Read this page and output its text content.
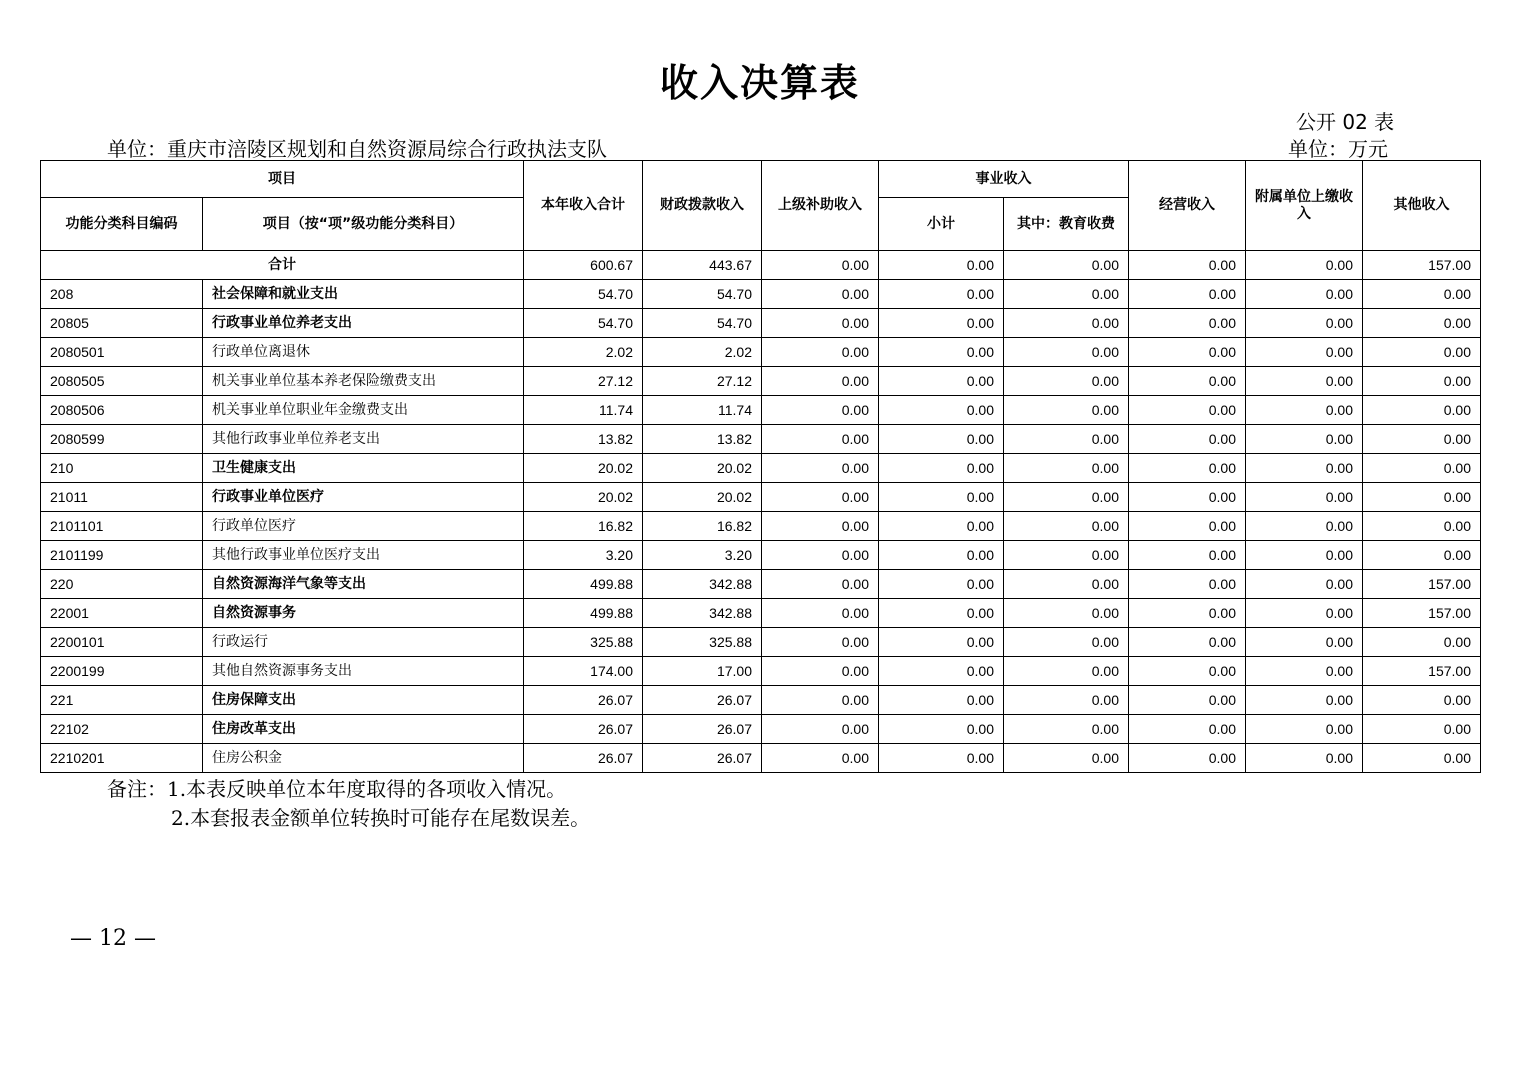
收入决算表
公开 02 表
单位：重庆市涪陵区规划和自然资源局综合行政执法支队	单位：万元
项目		本年收入合计	财政拨款收入	上级补助收入	事业收入		经营收入	附属单位上缴收入	其他收入
功能分类科目编码	项目（按“项”级功能分类科目）				小计	其中：教育收费			
合计		600.67	443.67	0.00	0.00	0.00	0.00	0.00	157.00
208	社会保障和就业支出	54.70	54.70	0.00	0.00	0.00	0.00	0.00	0.00
20805	行政事业单位养老支出	54.70	54.70	0.00	0.00	0.00	0.00	0.00	0.00
2080501	行政单位离退休	2.02	2.02	0.00	0.00	0.00	0.00	0.00	0.00
2080505	机关事业单位基本养老保险缴费支出	27.12	27.12	0.00	0.00	0.00	0.00	0.00	0.00
2080506	机关事业单位职业年金缴费支出	11.74	11.74	0.00	0.00	0.00	0.00	0.00	0.00
2080599	其他行政事业单位养老支出	13.82	13.82	0.00	0.00	0.00	0.00	0.00	0.00
210	卫生健康支出	20.02	20.02	0.00	0.00	0.00	0.00	0.00	0.00
21011	行政事业单位医疗	20.02	20.02	0.00	0.00	0.00	0.00	0.00	0.00
2101101	行政单位医疗	16.82	16.82	0.00	0.00	0.00	0.00	0.00	0.00
2101199	其他行政事业单位医疗支出	3.20	3.20	0.00	0.00	0.00	0.00	0.00	0.00
220	自然资源海洋气象等支出	499.88	342.88	0.00	0.00	0.00	0.00	0.00	157.00
22001	自然资源事务	499.88	342.88	0.00	0.00	0.00	0.00	0.00	157.00
2200101	行政运行	325.88	325.88	0.00	0.00	0.00	0.00	0.00	0.00
2200199	其他自然资源事务支出	174.00	17.00	0.00	0.00	0.00	0.00	0.00	157.00
221	住房保障支出	26.07	26.07	0.00	0.00	0.00	0.00	0.00	0.00
22102	住房改革支出	26.07	26.07	0.00	0.00	0.00	0.00	0.00	0.00
2210201	住房公积金	26.07	26.07	0.00	0.00	0.00	0.00	0.00	0.00
备注：1.本表反映单位本年度取得的各项收入情况。
2.本套报表金额单位转换时可能存在尾数误差。
— 12 —
